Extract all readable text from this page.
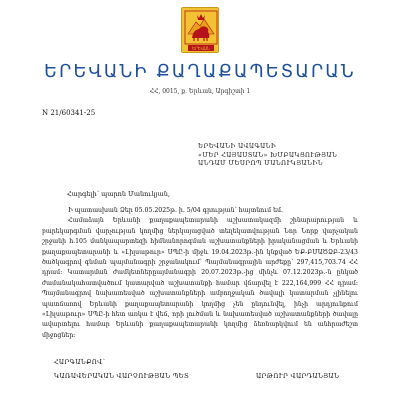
ԵՐԵՎԱՆ
ԵՐԵՎԱՆԻ ՔԱՂԱՔԱՊԵՏԱՐԱՆ
ՀՀ, 0015, ք. Երևան, Արգիշտի 1
N 21/60341-25
ԵՐԵՎԱՆԻ ԱՎԱԳԱՆԻ
«ՄԵՐ ՀԱՅԱՍՏԱՆ» ԽՄԲԱԿՑՈՒԹՅԱՆ
ԱՆԴԱՄ ՄԵՍՐՈՊ ՄԱՆՈՒԿՅԱՆԻՆ
Հարգելի՝ պարոն Մանուկյան,

Ի պատասխան Ձեր 05.05.2025թ. ի. 5/04 գրության՝ հայտնում եմ.

Համաձայն Երևանի քաղաքապետարանի աշխատակազմի շինարարության և բարեկարգման վարչության կողմից ներկայացված տեղեկատվության Նոր Նորք վարչական շրջանի հ.105 մանկապարտեզի հիմնանորոգման աշխատանքների իրականացման և Երևանի քաղաքապետարանի և «Լիլսաթուր» ՍՊԸ-ի միջև 19.04.2023թ.-ին կնքված ԵՔ-ԲՄԱԾՁԲ-23/43 ծածկագրով գնման պայմանագրի շրջանակում՝ Պայմանագրային արժեքը՝ 297,415,703.74 ՀՀ դրամ: Կատարման ժամկետներըայմանագրի 20.07.2023թ.-ից մինչև 07.12.2023թ.-ն ընկած ժամանակահատվածում կատարված աշխատանքի համար վճարվել է 222,164,999 ՀՀ դրամ: Պայմանագրով նախատեսված աշխատանքների ամբողջական ծավալի կատարման չլինելու պատճառով Երևանի քաղաքապետարանի կողմից չեն ընդունվել, ինչի արդյունքում «Լիլսաթուր» ՍՊԸ-ի հետ առկա է վեճ, որի լուծման և նախատեսված աշխատանքների ծավալը ավարտելու համար Երևանի քաղաքապետարանի կողմից ձեռնարկվում են անհրաժեշտ միջոցներ:

ՀԱՐԳԱՆՔՈՎ՝
ԿԱՌԱՎԵՐԱԿԱՆ ՎԱՐՉՈՒԹՅԱՆ ՊԵՏ	ԱՐԹՈՒՐ ՎԱՐԴԱՆՅԱՆ
